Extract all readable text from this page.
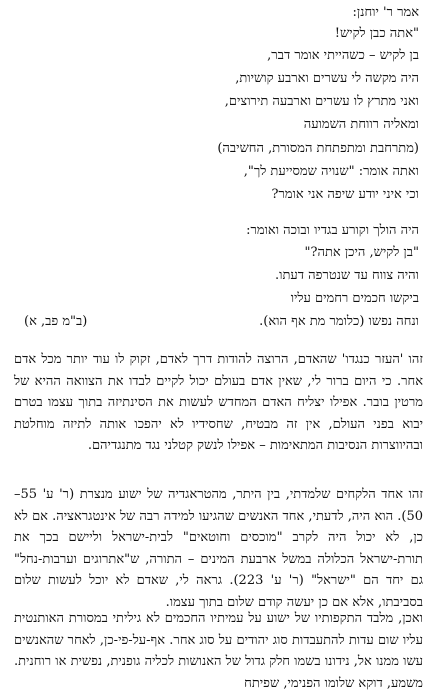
אמר ר' יוחנן:
"אתה כבן לקיש!
בן לקיש – כשהייתי אומר דבר,
היה מקשה לי עשרים וארבע קושיות,
ואני מתרץ לו עשרים וארבעה תירוצים,
ומאליה רווחת השמועה
(מתרחבת ומתפתחת המסורת, החשיבה)
ואתה אומר: "שנויה שמסייעת לך",
וכי איני יודע שיפה אני אומר?
היה הולך וקורע בגדיו ובוכה ואומר:
"בן לקיש, היכן אתה?"
והיה צווח עד שנטרפה דעתו.
ביקשו חכמים רחמים עליו
ונחה נפשו (כלומר מת אף הוא).
(ב"מ פב, א)
זהו 'העזר כנגדו' שהאדם, הרוצה להודות דרך לאדם, זקוק לו עוד יותר מכל אדם אחר. כי היום ברור לי, שאין אדם בעולם יכול לקיים לבדו את הצוואה ההיא של מרטין בובר. אפילו יצליח האדם המחדש לעשות את הסינתיזה בתוך עצמו בטרם יבוא בפני העולם, אין זה מבטיח, שחסידיו לא יהפכו אותה לתיזה מוחלטת ובהיווצרות הנסיבות המתאימות – אפילו לנשק קטלני נגד מתנגדיהם.
זהו אחד הלקחים שלמדתי, בין היתר, מהטראגדיה של ישוע מנצרת (ר' ע' 55–50). הוא היה, לדעתי, אחד האנשים שהגיעו למידה רבה של אינטגראציה. אם לא כן, לא יכול היה לקרב "מוכסים וחוטאים" לבית-ישראל וליישם בכך את תורת-ישראל הכלולה במשל ארבעת המינים – התורה, ש"אתרוגים וערבות-נחל" גם יחד הם "ישראל" (ר' ע' 223). גראה לי, שאדם לא יוכל לעשות שלום בסביבתו, אלא אם כן יעשה קודם שלום בתוך עצמו.
ואכן, מלבד התקפותיו של ישוע על עמיתיו החכמים לא גיליתי במסורת האותנטית עליו שום עדות להתעבדות סוג יהודים על סוג אחר. אף-על-פי-כן, לאחר שהאנשים עשו ממנו אל, נידונו בשמו חלק גדול של האנושות לכליה גופנית, נפשית או רוחנית. משמע, דוקא שלומו הפנימי, שפיתח
